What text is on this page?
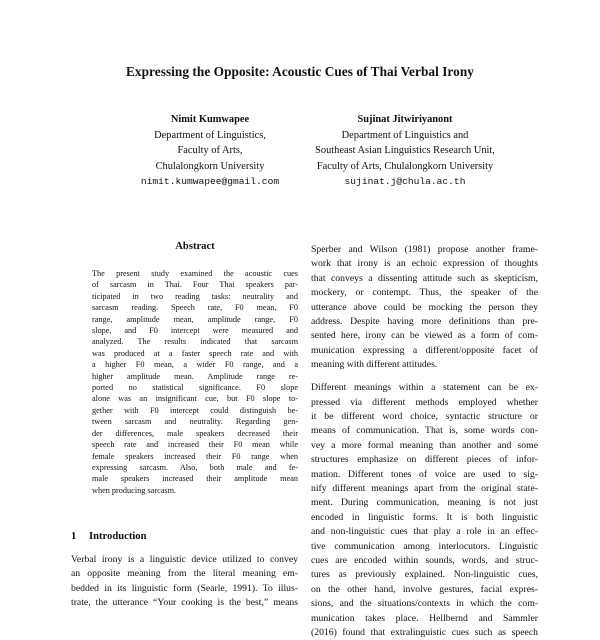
Expressing the Opposite: Acoustic Cues of Thai Verbal Irony
Nimit Kumwapee
Department of Linguistics,
Faculty of Arts,
Chulalongkorn University
nimit.kumwapee@gmail.com
Sujinat Jitwiriyanont
Department of Linguistics and
Southeast Asian Linguistics Research Unit,
Faculty of Arts, Chulalongkorn University
sujinat.j@chula.ac.th
Abstract
The present study examined the acoustic cues
of sarcasm in Thai. Four Thai speakers par-
ticipated in two reading tasks: neutrality and
sarcasm reading. Speech rate, F0 mean, F0
range, amplitude mean, amplitude range, F0
slope, and F0 intercept were measured and
analyzed. The results indicated that sarcasm
was produced at a faster speech rate and with
a higher F0 mean, a wider F0 range, and a
higher amplitude mean. Amplitude range re-
ported no statistical significance. F0 slope
alone was an insignificant cue, but F0 slope to-
gether with F0 intercept could distinguish be-
tween sarcasm and neutrality. Regarding gen-
der differences, male speakers decreased their
speech rate and increased their F0 mean while
female speakers increased their F0 range when
expressing sarcasm. Also, both male and fe-
male speakers increased their amplitude mean
when producing sarcasm.
1 Introduction
Verbal irony is a linguistic device utilized to convey
an opposite meaning from the literal meaning em-
bedded in its linguistic form (Searle, 1991). To illus-
trate, the utterance “Your cooking is the best,” means

Sperber and Wilson (1981) propose another frame-
work that irony is an echoic expression of thoughts
that conveys a dissenting attitude such as skepticism,
mockery, or contempt. Thus, the speaker of the
utterance above could be mocking the person they
address. Despite having more definitions than pre-
sented here, irony can be viewed as a form of com-
munication expressing a different/opposite facet of
meaning with different attitudes.

Different meanings within a statement can be ex-
pressed via different methods employed whether
it be different word choice, syntactic structure or
means of communication. That is, some words con-
vey a more formal meaning than another and some
structures emphasize on different pieces of infor-
mation. Different tones of voice are used to sig-
nify different meanings apart from the original state-
ment. During communication, meaning is not just
encoded in linguistic forms. It is both linguistic
and non-linguistic cues that play a role in an effec-
tive communication among interlocutors. Linguistic
cues are encoded within sounds, words, and struc-
tures as previously explained. Non-linguistic cues,
on the other hand, involve gestures, facial expres-
sions, and the situations/contexts in which the com-
munication takes place. Hellbernd and Sammler
(2016) found that extralinguistic cues such as speech
